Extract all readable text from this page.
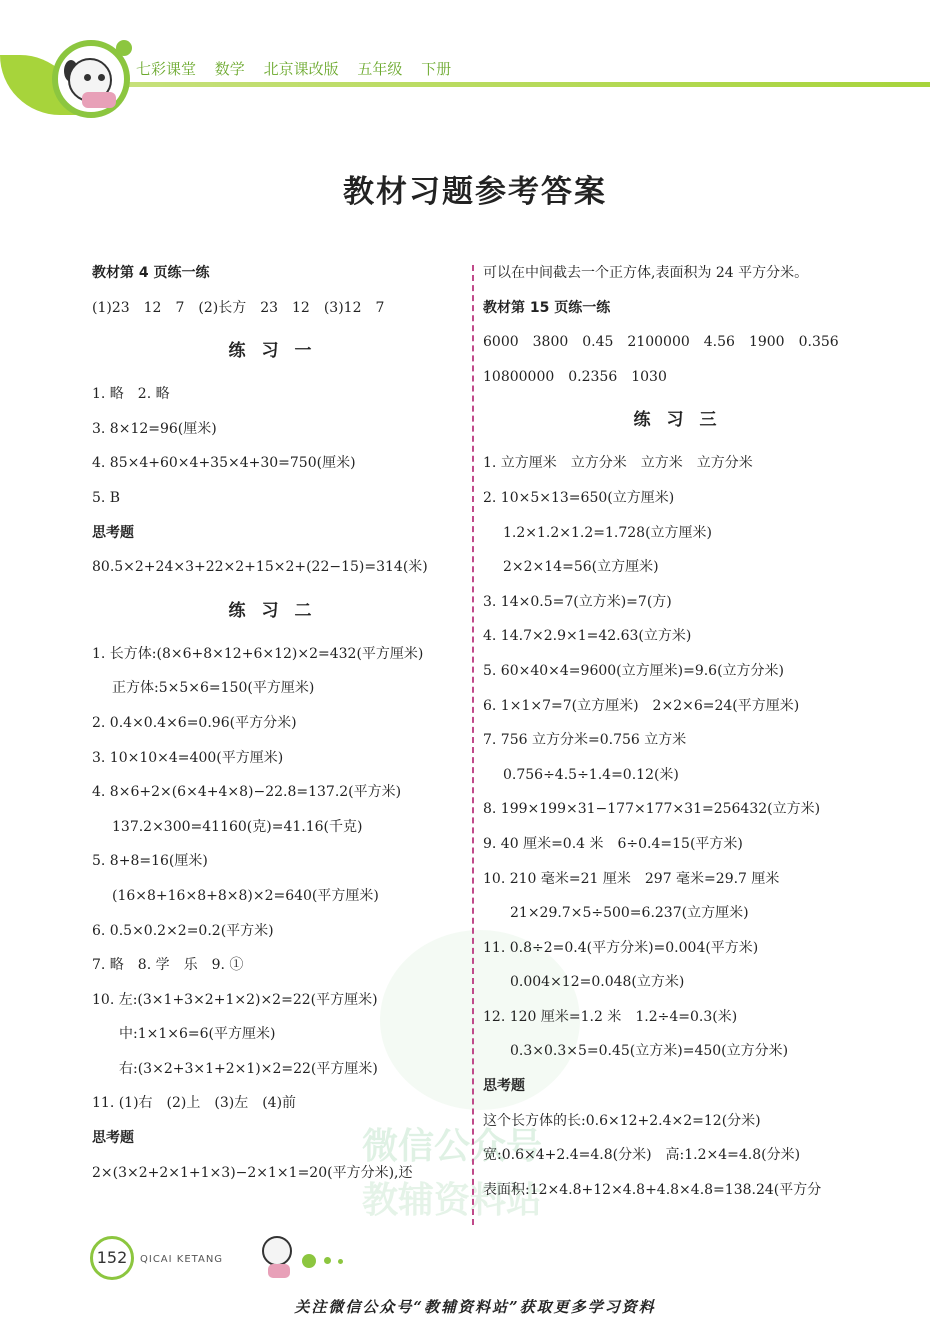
七彩课堂 数学 北京课改版 五年级 下册
教材习题参考答案
微信公众号
教辅资料站
教材第 4 页练一练
(1)23　12　7　(2)长方　23　12　(3)12　7
练习一
1. 略　2. 略
3. 8×12=96(厘米)
4. 85×4+60×4+35×4+30=750(厘米)
5. B
思考题
80.5×2+24×3+22×2+15×2+(22−15)=314(米)
练习二
1. 长方体:(8×6+8×12+6×12)×2=432(平方厘米)
正方体:5×5×6=150(平方厘米)
2. 0.4×0.4×6=0.96(平方分米)
3. 10×10×4=400(平方厘米)
4. 8×6+2×(6×4+4×8)−22.8=137.2(平方米)
137.2×300=41160(克)=41.16(千克)
5. 8+8=16(厘米)
(16×8+16×8+8×8)×2=640(平方厘米)
6. 0.5×0.2×2=0.2(平方米)
7. 略　8. 学　乐　9. ①
10. 左:(3×1+3×2+1×2)×2=22(平方厘米)
中:1×1×6=6(平方厘米)
右:(3×2+3×1+2×1)×2=22(平方厘米)
11. (1)右　(2)上　(3)左　(4)前
思考题
2×(3×2+2×1+1×3)−2×1×1=20(平方分米),还
可以在中间截去一个正方体,表面积为 24 平方分米。
教材第 15 页练一练
6000　3800　0.45　2100000　4.56　1900　0.356
10800000　0.2356　1030
练习三
1. 立方厘米　立方分米　立方米　立方分米
2. 10×5×13=650(立方厘米)
1.2×1.2×1.2=1.728(立方厘米)
2×2×14=56(立方厘米)
3. 14×0.5=7(立方米)=7(方)
4. 14.7×2.9×1=42.63(立方米)
5. 60×40×4=9600(立方厘米)=9.6(立方分米)
6. 1×1×7=7(立方厘米)　2×2×6=24(平方厘米)
7. 756 立方分米=0.756 立方米
0.756÷4.5÷1.4=0.12(米)
8. 199×199×31−177×177×31=256432(立方米)
9. 40 厘米=0.4 米　6÷0.4=15(平方米)
10. 210 毫米=21 厘米　297 毫米=29.7 厘米
21×29.7×5÷500=6.237(立方厘米)
11. 0.8÷2=0.4(平方分米)=0.004(平方米)
0.004×12=0.048(立方米)
12. 120 厘米=1.2 米　1.2÷4=0.3(米)
0.3×0.3×5=0.45(立方米)=450(立方分米)
思考题
这个长方体的长:0.6×12+2.4×2=12(分米)
宽:0.6×4+2.4=4.8(分米)　高:1.2×4=4.8(分米)
表面积:12×4.8+12×4.8+4.8×4.8=138.24(平方分
152	QICAI KETANG
关注微信公众号“教辅资料站”获取更多学习资料
